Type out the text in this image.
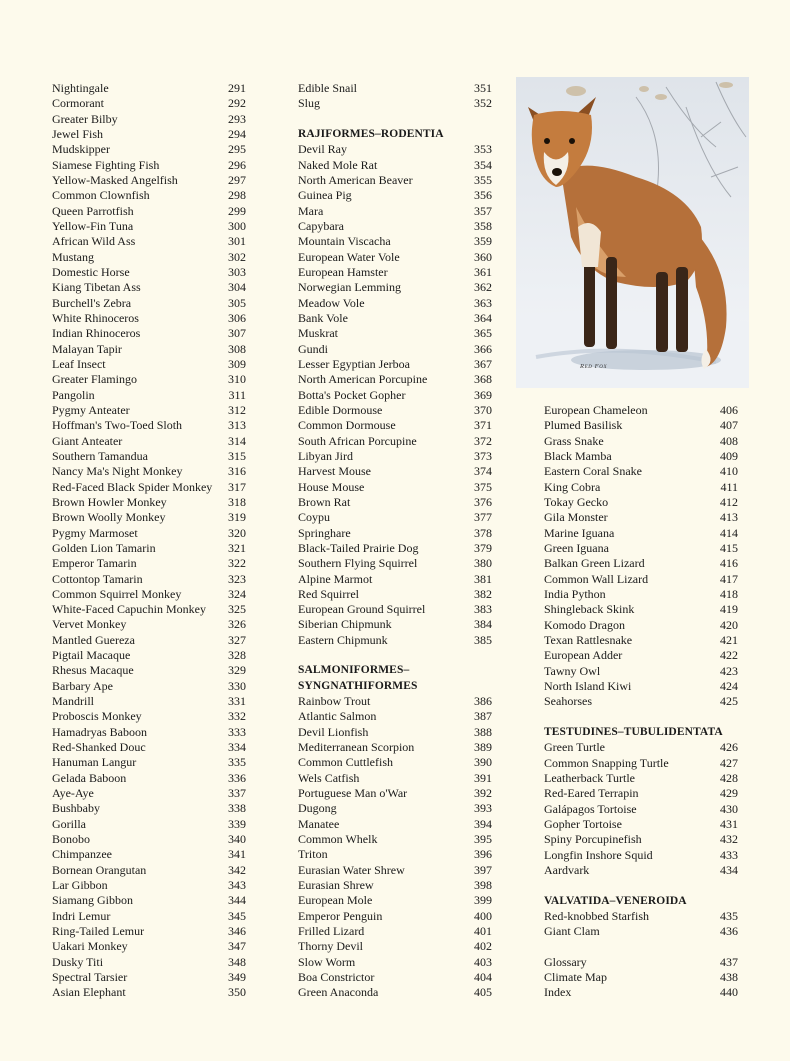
Nightingale	291
Cormorant	292
Greater Bilby	293
Jewel Fish	294
Mudskipper	295
Siamese Fighting Fish	296
Yellow-Masked Angelfish	297
Common Clownfish	298
Queen Parrotfish	299
Yellow-Fin Tuna	300
African Wild Ass	301
Mustang	302
Domestic Horse	303
Kiang Tibetan Ass	304
Burchell's Zebra	305
White Rhinoceros	306
Indian Rhinoceros	307
Malayan Tapir	308
Leaf Insect	309
Greater Flamingo	310
Pangolin	311
Pygmy Anteater	312
Hoffman's Two-Toed Sloth	313
Giant Anteater	314
Southern Tamandua	315
Nancy Ma's Night Monkey	316
Red-Faced Black Spider Monkey 317
Brown Howler Monkey	318
Brown Woolly Monkey	319
Pygmy Marmoset	320
Golden Lion Tamarin	321
Emperor Tamarin	322
Cottontop Tamarin	323
Common Squirrel Monkey	324
White-Faced Capuchin Monkey 325
Vervet Monkey	326
Mantled Guereza	327
Pigtail Macaque	328
Rhesus Macaque	329
Barbary Ape	330
Mandrill	331
Proboscis Monkey	332
Hamadryas Baboon	333
Red-Shanked Douc	334
Hanuman Langur	335
Gelada Baboon	336
Aye-Aye	337
Bushbaby	338
Gorilla	339
Bonobo	340
Chimpanzee	341
Bornean Orangutan	342
Lar Gibbon	343
Siamang Gibbon	344
Indri Lemur	345
Ring-Tailed Lemur	346
Uakari Monkey	347
Dusky Titi	348
Spectral Tarsier	349
Asian Elephant	350
Edible Snail	351
Slug	352
RAJIFORMES–RODENTIA
Devil Ray	353
Naked Mole Rat	354
North American Beaver	355
Guinea Pig	356
Mara	357
Capybara	358
Mountain Viscacha	359
European Water Vole	360
European Hamster	361
Norwegian Lemming	362
Meadow Vole	363
Bank Vole	364
Muskrat	365
Gundi	366
Lesser Egyptian Jerboa	367
North American Porcupine	368
Botta's Pocket Gopher	369
Edible Dormouse	370
Common Dormouse	371
South African Porcupine	372
Libyan Jird	373
Harvest Mouse	374
House Mouse	375
Brown Rat	376
Coypu	377
Springhare	378
Black-Tailed Prairie Dog	379
Southern Flying Squirrel	380
Alpine Marmot	381
Red Squirrel	382
European Ground Squirrel	383
Siberian Chipmunk	384
Eastern Chipmunk	385
SALMONIFORMES–
SYNGNATHIFORMES
Rainbow Trout	386
Atlantic Salmon	387
Devil Lionfish	388
Mediterranean Scorpion	389
Common Cuttlefish	390
Wels Catfish	391
Portuguese Man o'War	392
Dugong	393
Manatee	394
Common Whelk	395
Triton	396
Eurasian Water Shrew	397
Eurasian Shrew	398
European Mole	399
Emperor Penguin	400
Frilled Lizard	401
Thorny Devil	402
Slow Worm	403
Boa Constrictor	404
Green Anaconda	405
European Chameleon	406
Plumed Basilisk	407
Grass Snake	408
Black Mamba	409
Eastern Coral Snake	410
King Cobra	411
Tokay Gecko	412
Gila Monster	413
Marine Iguana	414
Green Iguana	415
Balkan Green Lizard	416
Common Wall Lizard	417
India Python	418
Shingleback Skink	419
Komodo Dragon	420
Texan Rattlesnake	421
European Adder	422
Tawny Owl	423
North Island Kiwi	424
Seahorses	425
TESTUDINES–TUBULIDENTATA
Green Turtle	426
Common Snapping Turtle	427
Leatherback Turtle	428
Red-Eared Terrapin	429
Galápagos Tortoise	430
Gopher Tortoise	431
Spiny Porcupinefish	432
Longfin Inshore Squid	433
Aardvark	434
VALVATIDA–VENEROIDA
Red-knobbed Starfish	435
Giant Clam	436
Glossary	437
Climate Map	438
Index	440
Red Fox
